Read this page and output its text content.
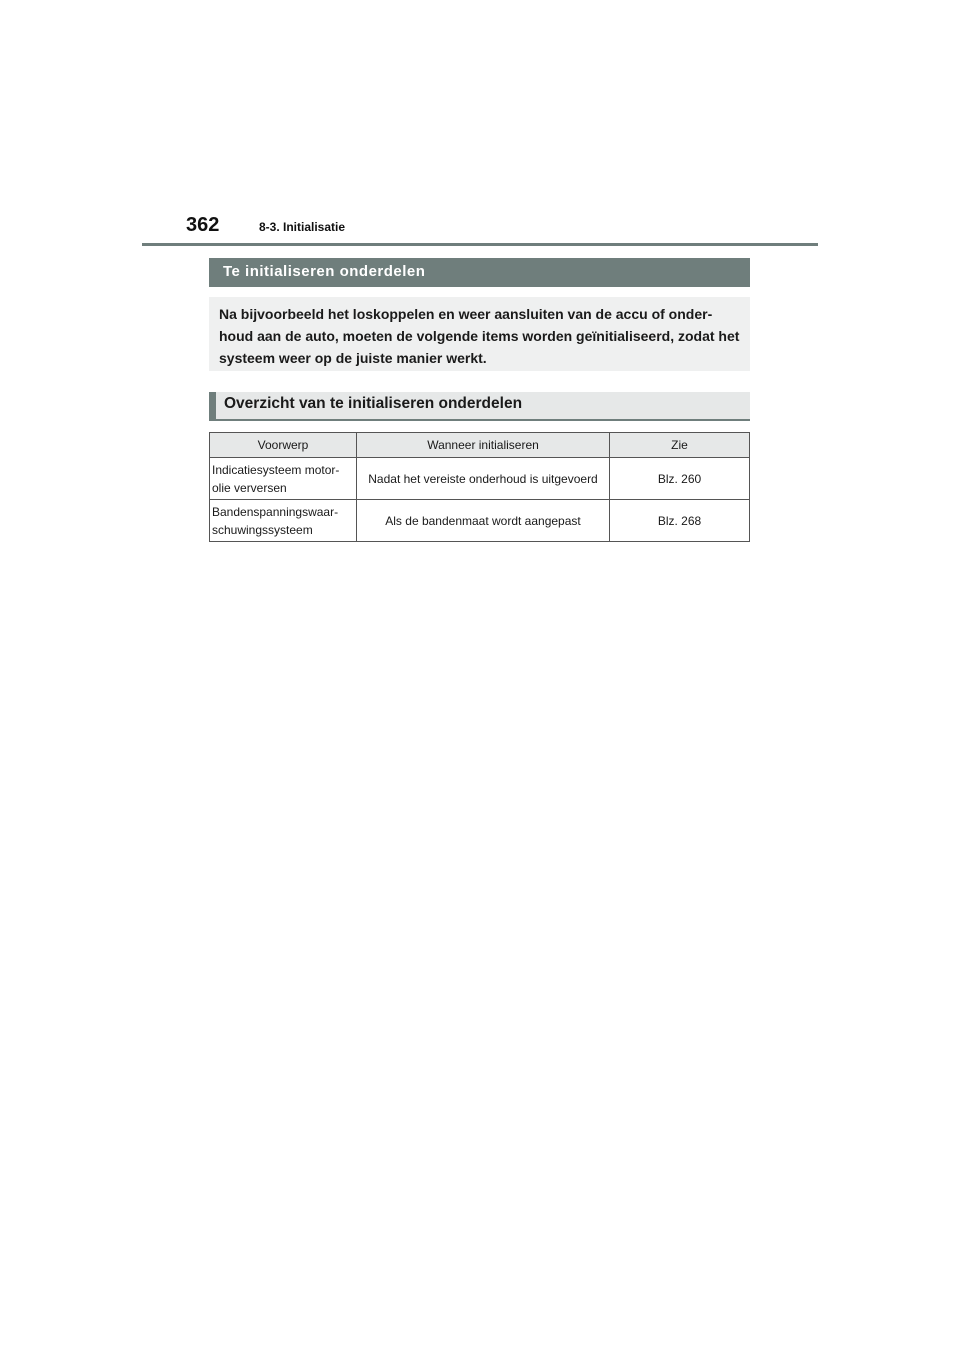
362	8-3. Initialisatie
Te initialiseren onderdelen
Na bijvoorbeeld het loskoppelen en weer aansluiten van de accu of onder-houd aan de auto, moeten de volgende items worden geïnitialiseerd, zodat het systeem weer op de juiste manier werkt.
Overzicht van te initialiseren onderdelen
Voorwerp	Wanneer initialiseren	Zie
Indicatiesysteem motor-
olie verversen	Nadat het vereiste onderhoud is uitgevoerd	Blz. 260
Bandenspanningswaar-
schuwingssysteem	Als de bandenmaat wordt aangepast	Blz. 268
